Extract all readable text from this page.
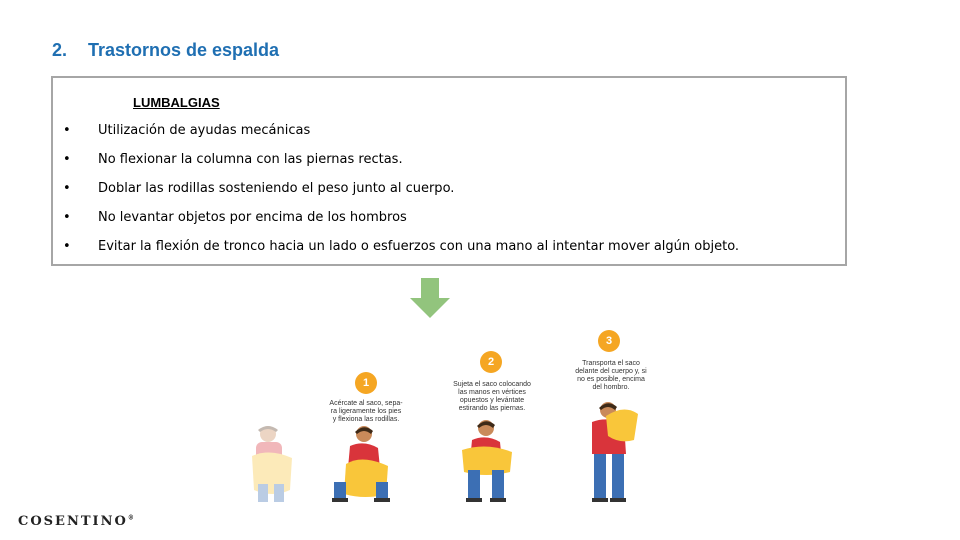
2.	Trastornos de espalda
LUMBALGIAS
• Utilización de ayudas mecánicas
• No flexionar la columna con las piernas rectas.
• Doblar las rodillas sosteniendo el peso junto al cuerpo.
• No levantar objetos por encima de los hombros
• Evitar la flexión de tronco hacia un lado o esfuerzos con una mano al intentar mover algún objeto.
1
Acércate al saco, sepa-
ra ligeramente los pies
y flexiona las rodillas.
2
Sujeta el saco colocando
las manos en vértices
opuestos y levántate
estirando las piernas.
3
Transporta el saco
delante del cuerpo y, si
no es posible, encima
del hombro.
COSENTINO®
